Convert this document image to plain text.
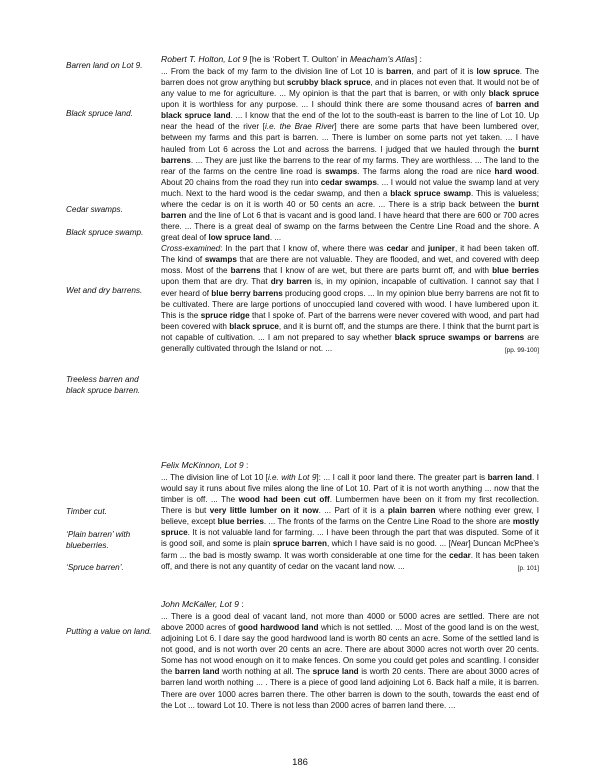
Barren land on Lot 9.
Black spruce land.
Cedar swamps.
Black spruce swamp.
Wet and dry barrens.
Treeless barren and black spruce barren.
Timber cut.
‘Plain barren’ with blueberries.
‘Spruce barren’.
Putting a value on land.
Robert T. Holton, Lot 9 [he is ‘Robert T. Oulton’ in Meacham's Atlas] :

... From the back of my farm to the division line of Lot 10 is barren, and part of it is low spruce. The barren does not grow anything but scrubby black spruce, and in places not even that. It would not be of any value to me for agriculture. ... My opinion is that the part that is barren, or with only black spruce upon it is worthless for any purpose. ... I should think there are some thousand acres of barren and black spruce land. ... I know that the end of the lot to the south-east is barren to the line of Lot 10. Up near the head of the river [i.e. the Brae River] there are some parts that have been lumbered over, between my farms and this part is barren. ... There is lumber on some parts not yet taken. ... I have hauled from Lot 6 across the Lot and across the barrens. I judged that we hauled through the burnt barrens. ... They are just like the barrens to the rear of my farms. They are worthless. ... The land to the rear of the farms on the centre line road is swamps. The farms along the road are nice hard wood. About 20 chains from the road they run into cedar swamps. ... I would not value the swamp land at very much. Next to the hard wood is the cedar swamp, and then a black spruce swamp. This is valueless; where the cedar is on it is worth 40 or 50 cents an acre. ... There is a strip back between the burnt barren and the line of Lot 6 that is vacant and is good land. I have heard that there are 600 or 700 acres there. ... There is a great deal of swamp on the farms between the Centre Line Road and the shore. A great deal of low spruce land. ...

Cross-examined: In the part that I know of, where there was cedar and juniper, it had been taken off. The kind of swamps that are there are not valuable. They are flooded, and wet, and covered with deep moss. Most of the barrens that I know of are wet, but there are parts burnt off, and with blue berries upon them that are dry. That dry barren is, in my opinion, incapable of cultivation. I cannot say that I ever heard of blue berry barrens producing good crops. ... In my opinion blue berry barrens are not fit to be cultivated. There are large portions of unoccupied land covered with wood. I have lumbered upon it. This is the spruce ridge that I spoke of. Part of the barrens were never covered with wood, and part had been covered with black spruce, and it is burnt off, and the stumps are there. I think that the burnt part is not capable of cultivation. ... I am not prepared to say whether black spruce swamps or barrens are generally cultivated through the Island or not. ...	[pp. 99-100]

Felix McKinnon, Lot 9 :

... The division line of Lot 10 [i.e. with Lot 9]: ... I call it poor land there. The greater part is barren land. I would say it runs about five miles along the line of Lot 10. Part of it is not worth anything ... now that the timber is off. ... The wood had been cut off. Lumbermen have been on it from my first recollection. There is but very little lumber on it now. ... Part of it is a plain barren where nothing ever grew, I believe, except blue berries. ... The fronts of the farms on the Centre Line Road to the shore are mostly spruce. It is not valuable land for farming. ... I have been through the part that was disputed. Some of it is good soil, and some is plain spruce barren, which I have said is no good. ... [Near] Duncan McPhee’s farm ... the bad is mostly swamp. It was worth considerable at one time for the cedar. It has been taken off, and there is not any quantity of cedar on the vacant land now. ...	[p. 101]

John McKaller, Lot 9 :

... There is a good deal of vacant land, not more than 4000 or 5000 acres are settled. There are not above 2000 acres of good hardwood land which is not settled. ... Most of the good land is on the west, adjoining Lot 6. I dare say the good hardwood land is worth 80 cents an acre. Some of the settled land is not good, and is not worth over 20 cents an acre. There are about 3000 acres not worth over 20 cents. Some has not wood enough on it to make fences. On some you could get poles and scantling. I consider the barren land worth nothing at all. The spruce land is worth 20 cents. There are about 3000 acres of barren land worth nothing ... . There is a piece of good land adjoining Lot 6. Back half a mile, it is barren. There are over 1000 acres barren there. The other barren is down to the south, towards the east end of the Lot ... toward Lot 10. There is not less than 2000 acres of barren land there. ...

186
